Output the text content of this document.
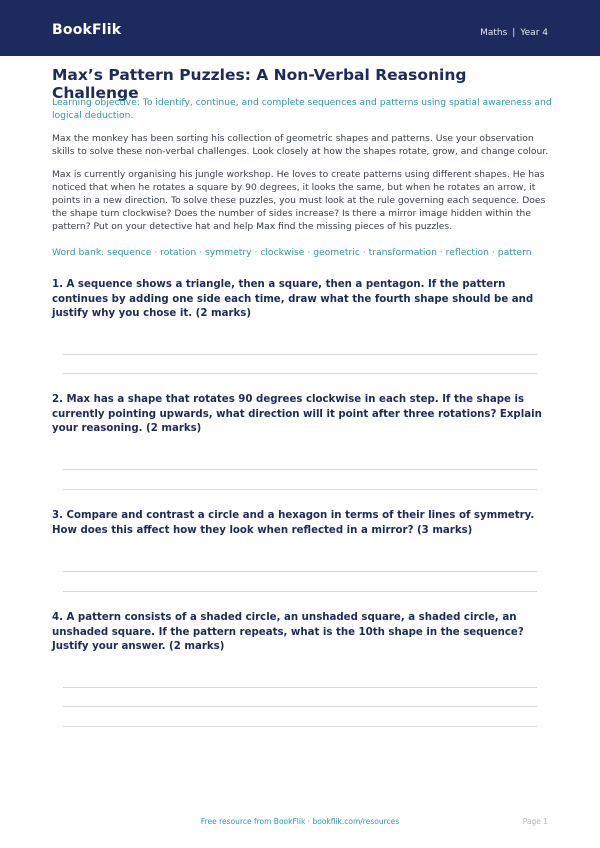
BookFlik	Maths | Year 4
Max’s Pattern Puzzles: A Non-Verbal Reasoning Challenge

Learning objective: To identify, continue, and complete sequences and patterns using spatial awareness and logical deduction.

Max the monkey has been sorting his collection of geometric shapes and patterns. Use your observation skills to solve these non-verbal challenges. Look closely at how the shapes rotate, grow, and change colour.

Max is currently organising his jungle workshop. He loves to create patterns using different shapes. He has noticed that when he rotates a square by 90 degrees, it looks the same, but when he rotates an arrow, it points in a new direction. To solve these puzzles, you must look at the rule governing each sequence. Does the shape turn clockwise? Does the number of sides increase? Is there a mirror image hidden within the pattern? Put on your detective hat and help Max find the missing pieces of his puzzles.

Word bank: sequence · rotation · symmetry · clockwise · geometric · transformation · reflection · pattern

1. A sequence shows a triangle, then a square, then a pentagon. If the pattern continues by adding one side each time, draw what the fourth shape should be and justify why you chose it. (2 marks)

2. Max has a shape that rotates 90 degrees clockwise in each step. If the shape is currently pointing upwards, what direction will it point after three rotations? Explain your reasoning. (2 marks)

3. Compare and contrast a circle and a hexagon in terms of their lines of symmetry. How does this affect how they look when reflected in a mirror? (3 marks)

4. A pattern consists of a shaded circle, an unshaded square, a shaded circle, an unshaded square. If the pattern repeats, what is the 10th shape in the sequence? Justify your answer. (2 marks)

Free resource from BookFlik · bookflik.com/resources	Page 1
